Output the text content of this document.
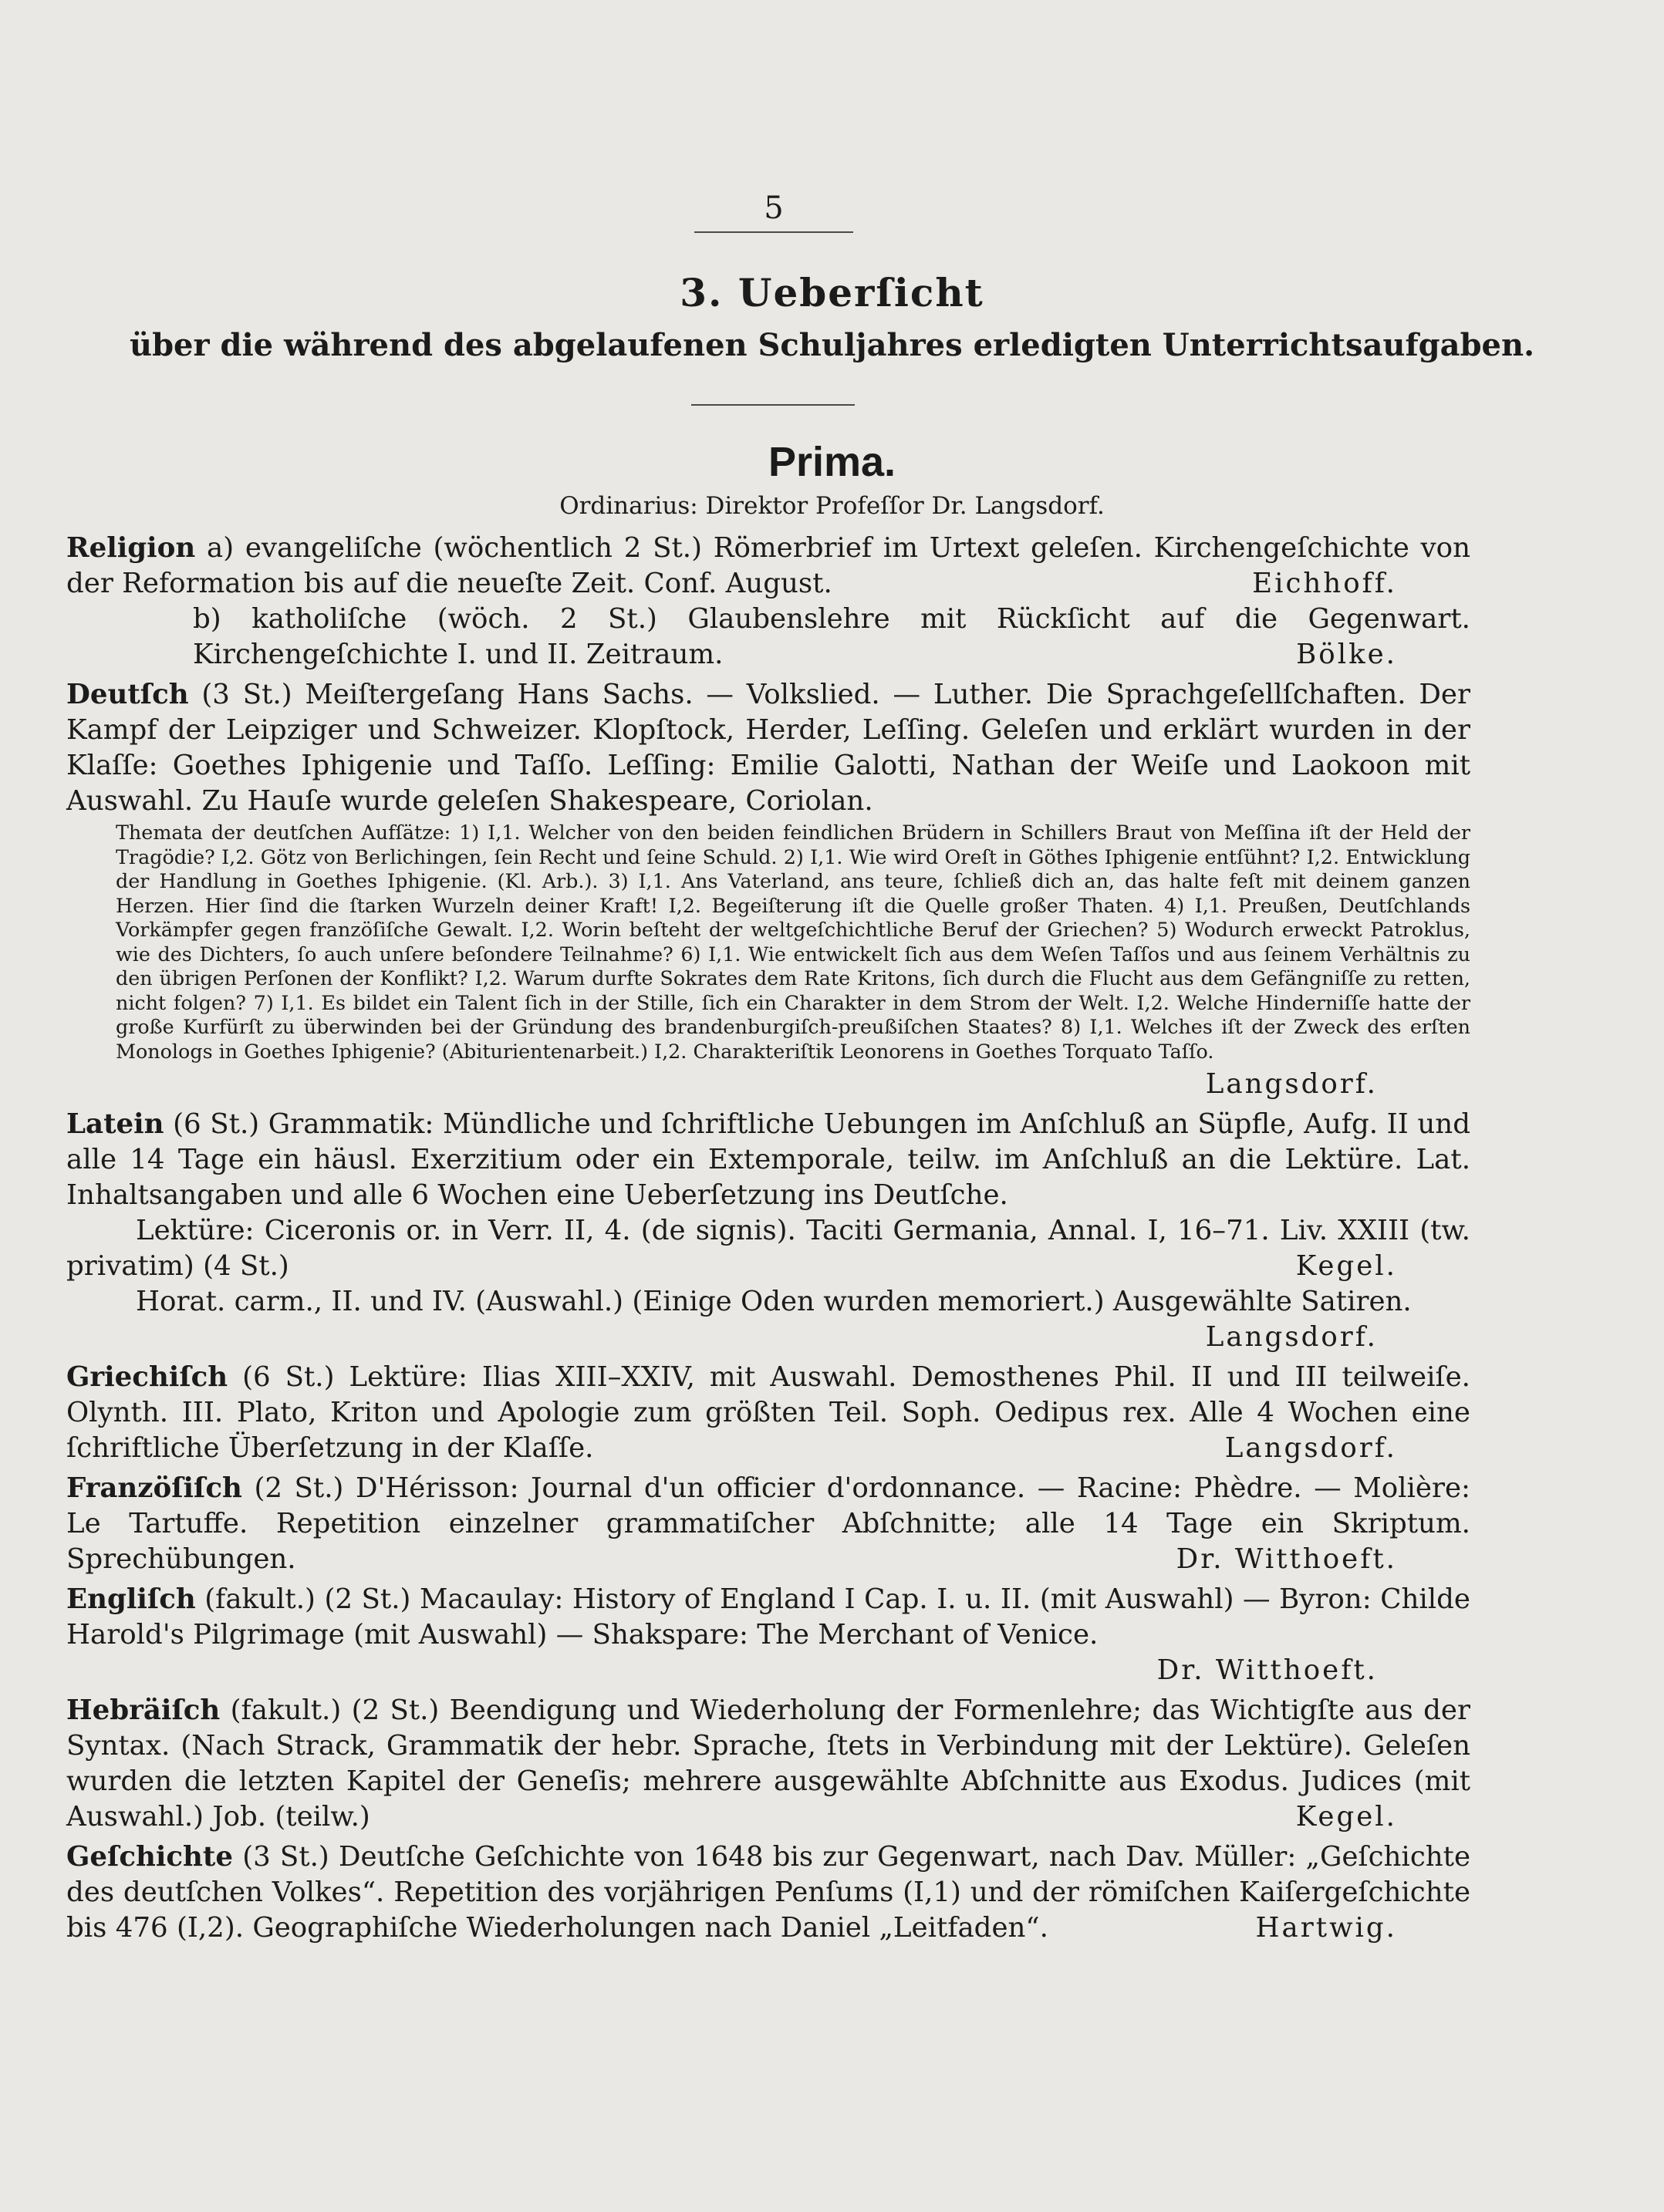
5
3. Ueberſicht
über die während des abgelaufenen Schuljahres erledigten Unterrichtsaufgaben.
Prima.
Ordinarius: Direktor Profeſſor Dr. Langsdorf.
Religion a) evangeliſche (wöchentlich 2 St.) Römerbrief im Urtext geleſen. Kirchengeſchichte von der Reformation bis auf die neueſte Zeit. Conf. August.	Eichhoff.
b) katholiſche (wöch. 2 St.) Glaubenslehre mit Rückſicht auf die Gegenwart. Kirchengeſchichte I. und II. Zeitraum.	Bölke.
Deutſch (3 St.) Meiſtergeſang Hans Sachs. — Volkslied. — Luther. Die Sprachgeſellſchaften. Der Kampf der Leipziger und Schweizer. Klopſtock, Herder, Leſſing. Geleſen und erklärt wurden in der Klaſſe: Goethes Iphigenie und Taſſo. Leſſing: Emilie Galotti, Nathan der Weiſe und Laokoon mit Auswahl. Zu Hauſe wurde geleſen Shakespeare, Coriolan.
Themata der deutſchen Aufſätze: 1) I,1. Welcher von den beiden feindlichen Brüdern in Schillers Braut von Meſſina iſt der Held der Tragödie? I,2. Götz von Berlichingen, ſein Recht und ſeine Schuld. 2) I,1. Wie wird Oreſt in Göthes Iphigenie entſühnt? I,2. Entwicklung der Handlung in Goethes Iphigenie. (Kl. Arb.). 3) I,1. Ans Vaterland, ans teure, ſchließ dich an, das halte feſt mit deinem ganzen Herzen. Hier ſind die ſtarken Wurzeln deiner Kraft! I,2. Begeiſterung iſt die Quelle großer Thaten. 4) I,1. Preußen, Deutſchlands Vorkämpfer gegen franzöſiſche Gewalt. I,2. Worin beſteht der weltgeſchichtliche Beruf der Griechen? 5) Wodurch erweckt Patroklus, wie des Dichters, ſo auch unſere beſondere Teilnahme? 6) I,1. Wie entwickelt ſich aus dem Weſen Taſſos und aus ſeinem Verhältnis zu den übrigen Perſonen der Konflikt? I,2. Warum durfte Sokrates dem Rate Kritons, ſich durch die Flucht aus dem Gefängniſſe zu retten, nicht folgen? 7) I,1. Es bildet ein Talent ſich in der Stille, ſich ein Charakter in dem Strom der Welt. I,2. Welche Hinderniſſe hatte der große Kurfürſt zu überwinden bei der Gründung des brandenburgiſch-preußiſchen Staates? 8) I,1. Welches iſt der Zweck des erſten Monologs in Goethes Iphigenie? (Abiturientenarbeit.) I,2. Charakteriſtik Leonorens in Goethes Torquato Taſſo.
Langsdorf.
Latein (6 St.) Grammatik: Mündliche und ſchriftliche Uebungen im Anſchluß an Süpfle, Aufg. II und alle 14 Tage ein häusl. Exerzitium oder ein Extemporale, teilw. im Anſchluß an die Lektüre. Lat. Inhaltsangaben und alle 6 Wochen eine Ueberſetzung ins Deutſche.
Lektüre: Ciceronis or. in Verr. II, 4. (de signis). Taciti Germania, Annal. I, 16–71. Liv. XXIII (tw. privatim) (4 St.)	Kegel.
Horat. carm., II. und IV. (Auswahl.) (Einige Oden wurden memoriert.) Ausgewählte Satiren.
Langsdorf.
Griechiſch (6 St.) Lektüre: Ilias XIII–XXIV, mit Auswahl. Demosthenes Phil. II und III teilweiſe. Olynth. III. Plato, Kriton und Apologie zum größten Teil. Soph. Oedipus rex. Alle 4 Wochen eine ſchriftliche Überſetzung in der Klaſſe.	Langsdorf.
Franzöſiſch (2 St.) D'Hérisson: Journal d'un officier d'ordonnance. — Racine: Phèdre. — Molière: Le Tartuffe. Repetition einzelner grammatiſcher Abſchnitte; alle 14 Tage ein Skriptum. Sprechübungen.	Dr. Witthoeft.
Engliſch (fakult.) (2 St.) Macaulay: History of England I Cap. I. u. II. (mit Auswahl) — Byron: Childe Harold's Pilgrimage (mit Auswahl) — Shakspare: The Merchant of Venice.
Dr. Witthoeft.
Hebräiſch (fakult.) (2 St.) Beendigung und Wiederholung der Formenlehre; das Wichtigſte aus der Syntax. (Nach Strack, Grammatik der hebr. Sprache, ſtets in Verbindung mit der Lektüre). Geleſen wurden die letzten Kapitel der Geneſis; mehrere ausgewählte Abſchnitte aus Exodus. Judices (mit Auswahl.) Job. (teilw.)	Kegel.
Geſchichte (3 St.) Deutſche Geſchichte von 1648 bis zur Gegenwart, nach Dav. Müller: „Geſchichte des deutſchen Volkes“. Repetition des vorjährigen Penſums (I,1) und der römiſchen Kaiſergeſchichte bis 476 (I,2). Geographiſche Wiederholungen nach Daniel „Leitfaden“.	Hartwig.
